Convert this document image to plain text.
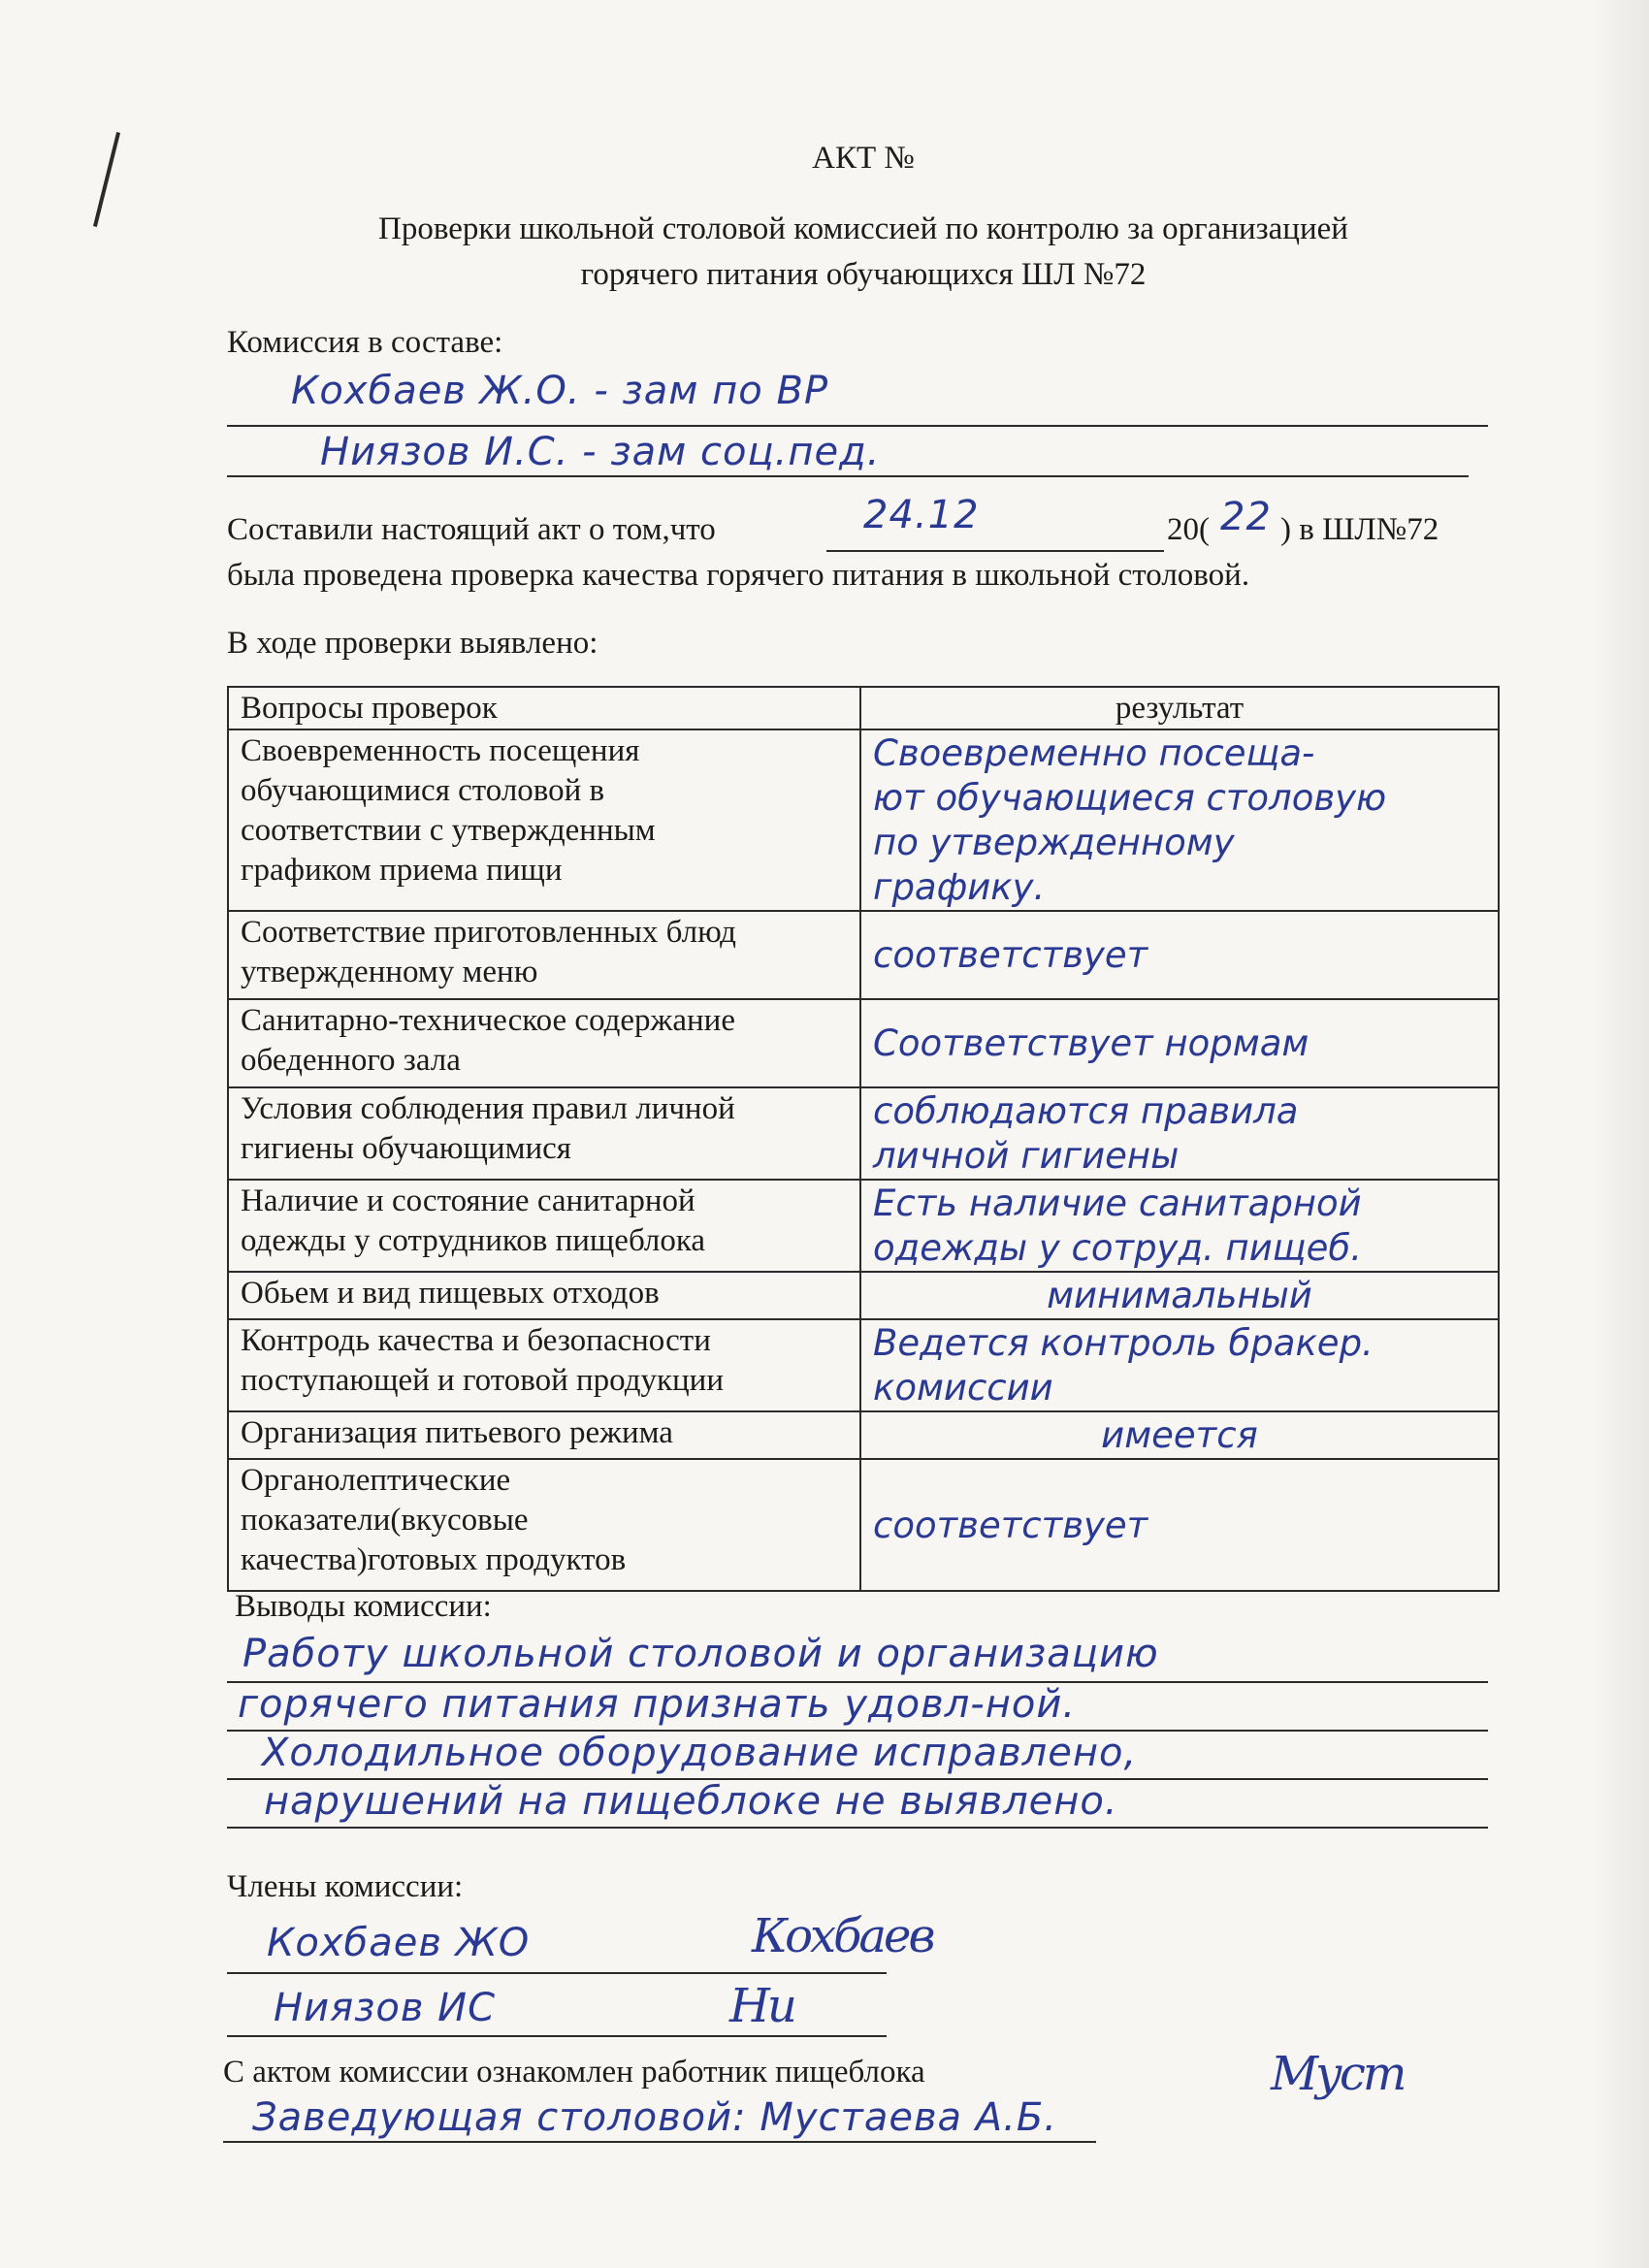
АКТ №
Проверки школьной столовой комиссией по контролю за организацией
горячего питания обучающихся ШЛ №72
Комиссия в составе:
Кохбаев Ж.О. - зам по ВР
Ниязов И.С. - зам соц.пед.
Составили настоящий акт о том,что	24.12	20( 22 ) в ШЛ№72
была проведена проверка качества горячего питания в школьной столовой.
В ходе проверки выявлено:
Вопросы проверок	результат
Своевременность посещения
обучающимися столовой в
соответствии с утвержденным
графиком приема пищи	Своевременно посеща-
ют обучающиеся столовую
по утвержденному
графику.
Соответствие приготовленных блюд
утвержденному меню	соответствует
Санитарно-техническое содержание
обеденного зала	Соответствует нормам
Условия соблюдения правил личной
гигиены обучающимися	соблюдаются правила
личной гигиены
Наличие и состояние санитарной
одежды у сотрудников пищеблока	Есть наличие санитарной
одежды у сотруд. пищеб.
Обьем и вид пищевых отходов	минимальный
Контродь качества и безопасности
поступающей и готовой продукции	Ведется контроль бракер.
комиссии
Организация питьевого режима	имеется
Органолептические
показатели(вкусовые
качества)готовых продуктов	соответствует
Выводы комиссии:
Работу школьной столовой и организацию
горячего питания признать удовл-ной.
Холодильное оборудование исправлено,
нарушений на пищеблоке не выявлено.
Члены комиссии:
Кохбаев ЖО	Кохбаев
Ниязов ИС	Ни
С актом комиссии ознакомлен работник пищеблока
Заведующая столовой: Мустаева А.Б.
Муст
